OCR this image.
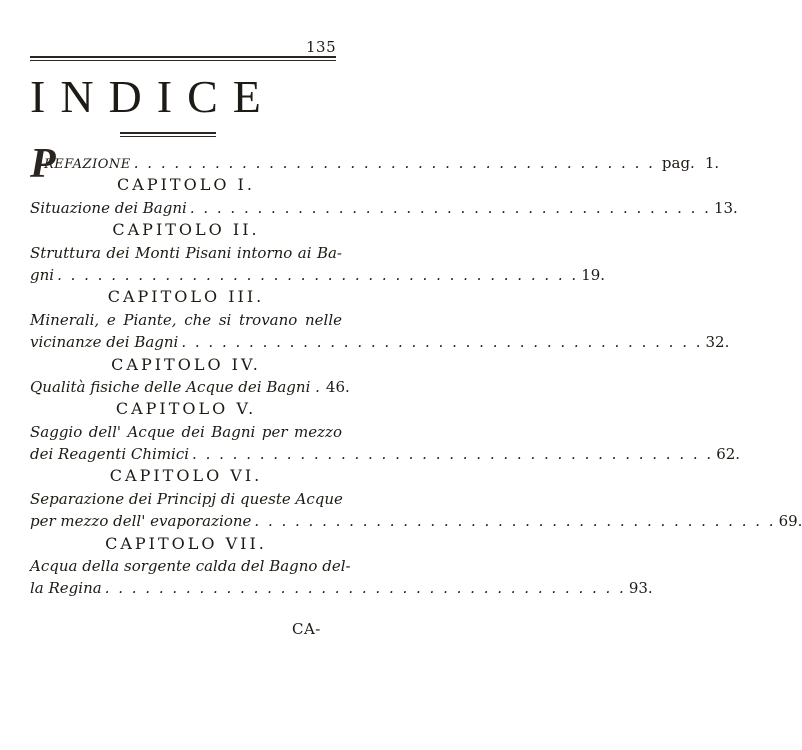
135
INDICE
P
REFAZIONE . . . . . . . . . . . . . . . . . . . . . . . . . . . . . . . . . . . . . . . pag. 1.
CAPITOLO I.
Situazione dei Bagni . . . . . . . . . . . . . . . . . . . . . . . . . . . . . . . . . . . . . . . 13.
CAPITOLO II.
Struttura dei Monti Pisani intorno ai Ba-
gni . . . . . . . . . . . . . . . . . . . . . . . . . . . . . . . . . . . . . . . 19.
CAPITOLO III.
Minerali, e Piante, che si trovano nelle
vicinanze dei Bagni . . . . . . . . . . . . . . . . . . . . . . . . . . . . . . . . . . . . . . . 32.
CAPITOLO IV.
Qualità fisiche delle Acque dei Bagni . 46.
CAPITOLO V.
Saggio dell' Acque dei Bagni per mezzo
dei Reagenti Chimici . . . . . . . . . . . . . . . . . . . . . . . . . . . . . . . . . . . . . . . 62.
CAPITOLO VI.
Separazione dei Principj di queste Acque
per mezzo dell' evaporazione . . . . . . . . . . . . . . . . . . . . . . . . . . . . . . . . . . . . . . . 69.
CAPITOLO VII.
Acqua della sorgente calda del Bagno del-
la Regina . . . . . . . . . . . . . . . . . . . . . . . . . . . . . . . . . . . . . . . 93.
CA-
